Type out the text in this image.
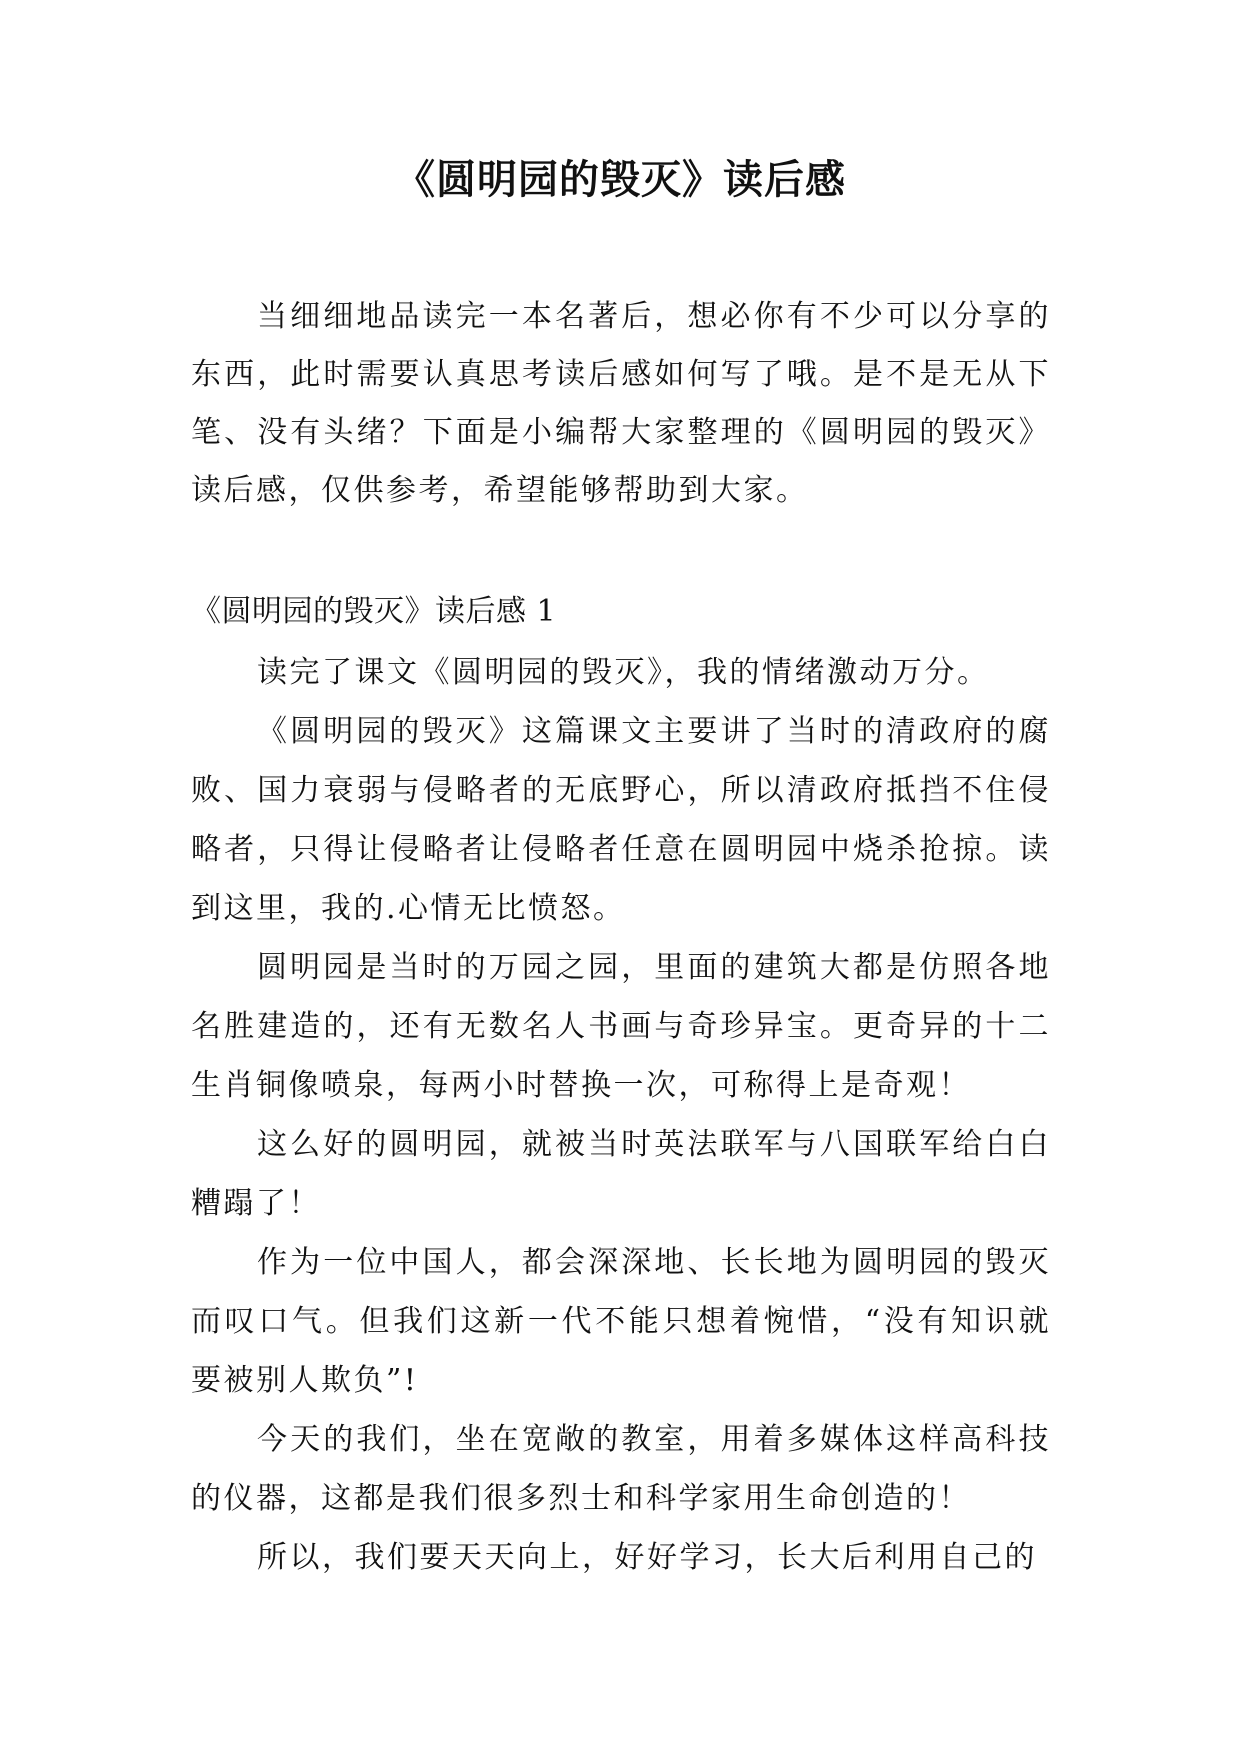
《圆明园的毁灭》读后感

当细细地品读完一本名著后，想必你有不少可以分享的东西，此时需要认真思考读后感如何写了哦。是不是无从下笔、没有头绪？下面是小编帮大家整理的《圆明园的毁灭》读后感，仅供参考，希望能够帮助到大家。

《圆明园的毁灭》读后感 1

读完了课文《圆明园的毁灭》，我的情绪激动万分。

《圆明园的毁灭》这篇课文主要讲了当时的清政府的腐败、国力衰弱与侵略者的无底野心，所以清政府抵挡不住侵略者，只得让侵略者让侵略者任意在圆明园中烧杀抢掠。读到这里，我的.心情无比愤怒。

圆明园是当时的万园之园，里面的建筑大都是仿照各地名胜建造的，还有无数名人书画与奇珍异宝。更奇异的十二生肖铜像喷泉，每两小时替换一次，可称得上是奇观！

这么好的圆明园，就被当时英法联军与八国联军给白白糟蹋了！

作为一位中国人，都会深深地、长长地为圆明园的毁灭而叹口气。但我们这新一代不能只想着惋惜，“没有知识就要被别人欺负”!

今天的我们，坐在宽敞的教室，用着多媒体这样高科技的仪器，这都是我们很多烈士和科学家用生命创造的！

所以，我们要天天向上，好好学习，长大后利用自己的
